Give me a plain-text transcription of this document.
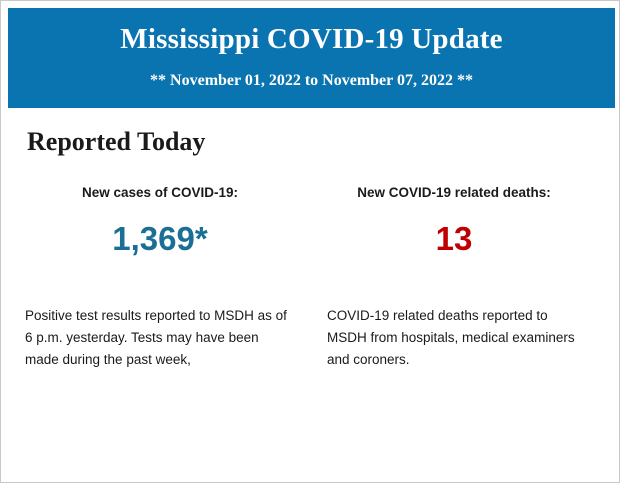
Mississippi COVID-19 Update
** November 01, 2022 to November 07, 2022 **
Reported Today
New cases of COVID-19:
1,369*
New COVID-19 related deaths:
13
Positive test results reported to MSDH as of 6 p.m. yesterday. Tests may have been made during the past week,
COVID-19 related deaths reported to MSDH from hospitals, medical examiners and coroners.
